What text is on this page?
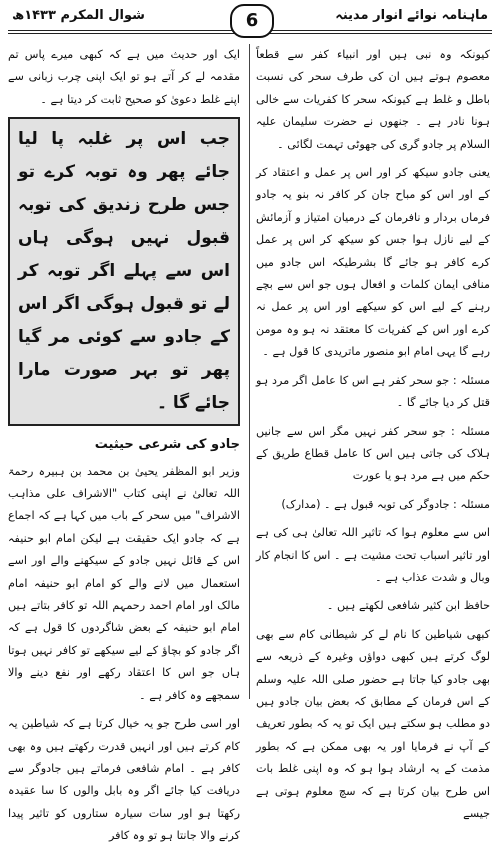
ماہنامہ نوائے انوار مدینہ
6
شوال المکرم ۱۴۳۳ھ

کیونکہ وہ نبی ہیں اور انبیاء کفر سے قطعاً معصوم ہوتے ہیں ان کی طرف سحر کی نسبت باطل و غلط ہے کیونکہ سحر کا کفریات سے خالی ہونا نادر ہے ۔ جنھوں نے حضرت سلیمان علیہ السلام پر جادو گری کی جھوٹی تہمت لگائی ۔

یعنی جادو سیکھ کر اور اس پر عمل و اعتقاد کر کے اور اس کو مباح جان کر کافر نہ بنو یہ جادو فرماں بردار و نافرمان کے درمیان امتیاز و آزمائش کے لیے نازل ہوا جس کو سیکھ کر اس پر عمل کرے کافر ہو جائے گا بشرطیکہ اس جادو میں منافی ایمان کلمات و افعال ہوں جو اس سے بچے رہنے کے لیے اس کو سیکھے اور اس پر عمل نہ کرے اور اس کے کفریات کا معتقد نہ ہو وہ مومن رہے گا یہی امام ابو منصور ماتریدی کا قول ہے ۔

مسئلہ : جو سحر کفر ہے اس کا عامل اگر مرد ہو قتل کر دیا جائے گا ۔

مسئلہ : جو سحر کفر نہیں مگر اس سے جانیں ہلاک کی جاتی ہیں اس کا عامل قطاع طریق کے حکم میں ہے مرد ہو یا عورت

مسئلہ : جادوگر کی توبہ قبول ہے ۔ (مدارک)

اس سے معلوم ہوا کہ تاثیر اللہ تعالیٰ ہی کی ہے اور تاثیر اسباب تحت مشیت ہے ۔ اس کا انجام کار وبال و شدت عذاب ہے ۔

حافظ ابن کثیر شافعی لکھتے ہیں ۔

کبھی شیاطین کا نام لے کر شیطانی کام سے بھی لوگ کرتے ہیں کبھی دواؤں وغیرہ کے ذریعہ سے بھی جادو کیا جاتا ہے حضور صلی اللہ علیہ وسلم کے اس فرمان کے مطابق کہ بعض بیان جادو ہیں دو مطلب ہو سکتے ہیں ایک تو یہ کہ بطور تعریف کے آپ نے فرمایا اور یہ بھی ممکن ہے کہ بطور مذمت کے یہ ارشاد ہوا ہو کہ وہ اپنی غلط بات اس طرح بیان کرتا ہے کہ سچ معلوم ہوتی ہے جیسے

ایک اور حدیث میں ہے کہ کبھی میرے پاس تم مقدمہ لے کر آتے ہو تو ایک اپنی چرب زبانی سے اپنے غلط دعویٰ کو صحیح ثابت کر دیتا ہے ۔

جب اس پر غلبہ پا لیا جائے پھر وہ توبہ کرے تو جس طرح زندیق کی توبہ قبول نہیں ہوگی ہاں اس سے پہلے اگر توبہ کر لے تو قبول ہوگی اگر اس کے جادو سے کوئی مر گیا پھر تو بہر صورت مارا جائے گا ۔
جادو کی شرعی حیثیت

وزیر ابو المظفر یحییٰ بن محمد بن ہبیرہ رحمۃ اللہ تعالیٰ نے اپنی کتاب "الاشراف علی مذاہب الاشراف" میں سحر کے باب میں کہا ہے کہ اجماع ہے کہ جادو ایک حقیقت ہے لیکن امام ابو حنیفہ اس کے قائل نہیں جادو کے سیکھنے والے اور اسے استعمال میں لانے والے کو امام ابو حنیفہ امام مالک اور امام احمد رحمہم اللہ تو کافر بتاتے ہیں امام ابو حنیفہ کے بعض شاگردوں کا قول ہے کہ اگر جادو کو بچاؤ کے لیے سیکھے تو کافر نہیں ہوتا ہاں جو اس کا اعتقاد رکھے اور نفع دینے والا سمجھے وہ کافر ہے ۔

اور اسی طرح جو یہ خیال کرتا ہے کہ شیاطین یہ کام کرتے ہیں اور انہیں قدرت رکھتے ہیں وہ بھی کافر ہے ۔ امام شافعی فرماتے ہیں جادوگر سے دریافت کیا جائے اگر وہ بابل والوں کا سا عقیدہ رکھتا ہو اور سات سیارہ ستاروں کو تاثیر پیدا کرنے والا جانتا ہو تو وہ کافر
